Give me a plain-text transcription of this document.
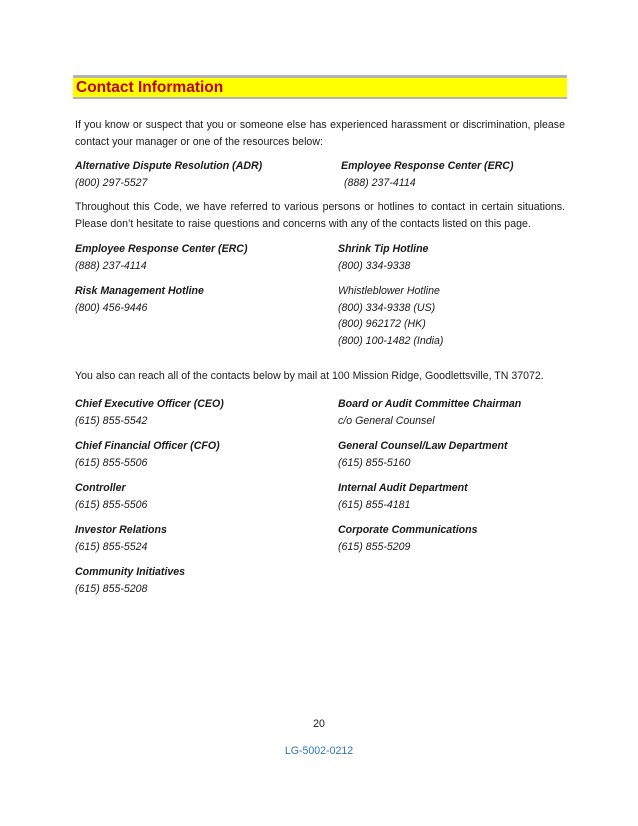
Contact Information
If you know or suspect that you or someone else has experienced harassment or discrimination, please contact your manager or one of the resources below:
Alternative Dispute Resolution (ADR)
(800) 297-5527
Employee Response Center (ERC)
(888) 237-4114
Throughout this Code, we have referred to various persons or hotlines to contact in certain situations. Please don’t hesitate to raise questions and concerns with any of the contacts listed on this page.
Employee Response Center (ERC)
(888) 237-4114
Shrink Tip Hotline
(800) 334-9338
Risk Management Hotline
(800) 456-9446
Whistleblower Hotline
(800) 334-9338 (US)
(800) 962172 (HK)
(800) 100-1482 (India)
You also can reach all of the contacts below by mail at 100 Mission Ridge, Goodlettsville, TN 37072.
Chief Executive Officer (CEO)
(615) 855-5542
Board or Audit Committee Chairman
c/o General Counsel
Chief Financial Officer (CFO)
(615) 855-5506
General Counsel/Law Department
(615) 855-5160
Controller
(615) 855-5506
Internal Audit Department
(615) 855-4181
Investor Relations
(615) 855-5524
Corporate Communications
(615) 855-5209
Community Initiatives
(615) 855-5208
20
LG-5002-0212
